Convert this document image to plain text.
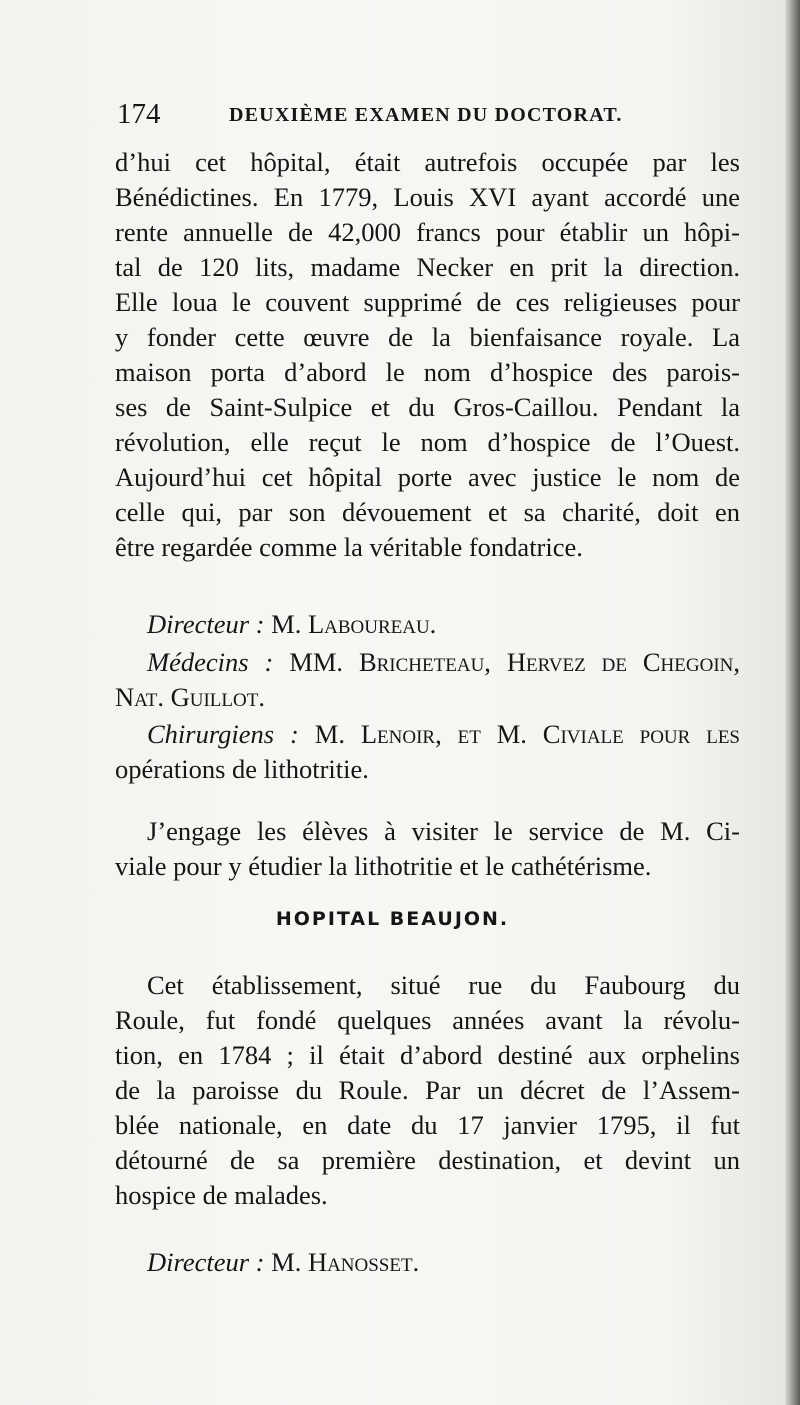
174	DEUXIÈME EXAMEN DU DOCTORAT.
d’hui cet hôpital, était autrefois occupée par les
Bénédictines. En 1779, Louis XVI ayant accordé une
rente annuelle de 42,000 francs pour établir un hôpi-
tal de 120 lits, madame Necker en prit la direction.
Elle loua le couvent supprimé de ces religieuses pour
y fonder cette œuvre de la bienfaisance royale. La
maison porta d’abord le nom d’hospice des parois-
ses de Saint-Sulpice et du Gros-Caillou. Pendant la
révolution, elle reçut le nom d’hospice de l’Ouest.
Aujourd’hui cet hôpital porte avec justice le nom de
celle qui, par son dévouement et sa charité, doit en
être regardée comme la véritable fondatrice.
Directeur : M. Laboureau.
Médecins : MM. Bricheteau, Hervez de Chegoin,
Nat. Guillot.
Chirurgiens : M. Lenoir, et M. Civiale pour les
opérations de lithotritie.
J’engage les élèves à visiter le service de M. Ci-
viale pour y étudier la lithotritie et le cathétérisme.
HOPITAL BEAUJON.
Cet établissement, situé rue du Faubourg du
Roule, fut fondé quelques années avant la révolu-
tion, en 1784 ; il était d’abord destiné aux orphelins
de la paroisse du Roule. Par un décret de l’Assem-
blée nationale, en date du 17 janvier 1795, il fut
détourné de sa première destination, et devint un
hospice de malades.
Directeur : M. Hanosset.
